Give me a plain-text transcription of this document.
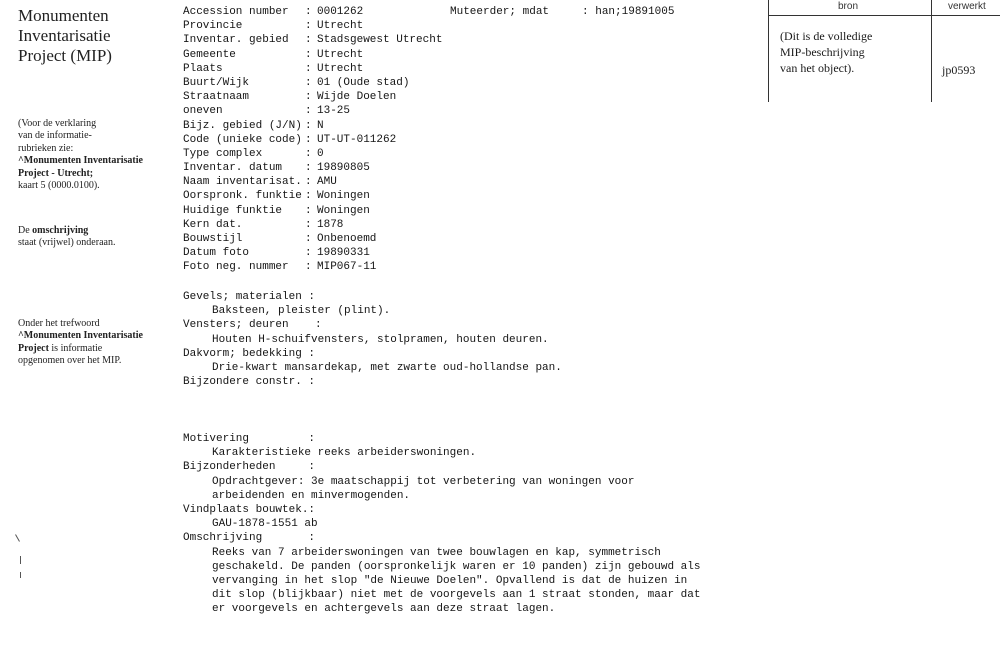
Monumenten
Inventarisatie
Project (MIP)

(Voor de verklaring
van de informatie-
rubrieken zie:
^Monumenten Inventarisatie
Project - Utrecht;
kaart 5 (0000.0100).

De omschrijving
staat (vrijwel) onderaan.

Onder het trefwoord
^Monumenten Inventarisatie
Project is informatie
opgenomen over het MIP.

Muteerder; mdat     : han;19891005
Accession number : 0001262
Provincie	: Utrecht
Inventar. gebied : Stadsgewest Utrecht
Gemeente	: Utrecht
Plaats	: Utrecht
Buurt/Wijk	: 01 (Oude stad)
Straatnaam	: Wijde Doelen
oneven	: 13-25
Bijz. gebied (J/N) : N
Code (unieke code) : UT-UT-011262
Type complex	: 0
Inventar. datum : 19890805
Naam inventarisat. : AMU
Oorspronk. funktie : Woningen
Huidige funktie : Woningen
Kern dat.	: 1878
Bouwstijl	: Onbenoemd
Datum foto	: 19890331
Foto neg. nummer : MIP067-11
Gevels; materialen :
Baksteen, pleister (plint).
Vensters; deuren    :
Houten H-schuifvensters, stolpramen, houten deuren.
Dakvorm; bedekking :
Drie-kwart mansardekap, met zwarte oud-hollandse pan.
Bijzondere constr. :
Motivering         :
Karakteristieke reeks arbeiderswoningen.
Bijzonderheden     :
Opdrachtgever: 3e maatschappij tot verbetering van woningen voor
arbeidenden en minvermogenden.
Vindplaats bouwtek.:
GAU-1878-1551 ab
Omschrijving       :
Reeks van 7 arbeiderswoningen van twee bouwlagen en kap, symmetrisch
geschakeld. De panden (oorspronkelijk waren er 10 panden) zijn gebouwd als
vervanging in het slop "de Nieuwe Doelen". Opvallend is dat de huizen in
dit slop (blijkbaar) niet met de voorgevels aan 1 straat stonden, maar dat
er voorgevels en achtergevels aan deze straat lagen.
bron	verwerkt
(Dit is de volledige
MIP-beschrijving
van het object).	jp0593
